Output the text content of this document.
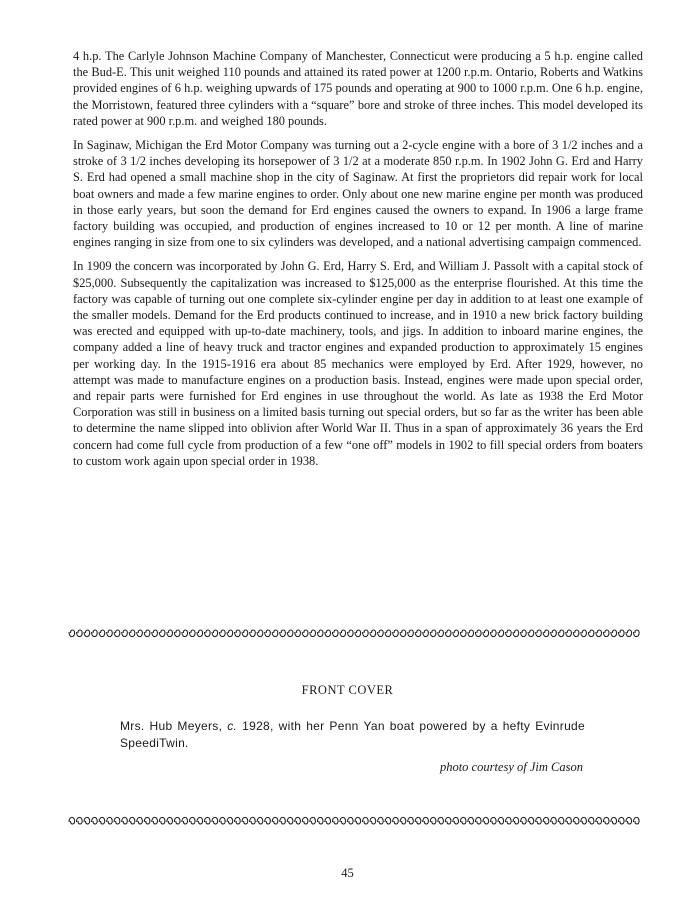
4 h.p. The Carlyle Johnson Machine Company of Manchester, Connecticut were producing a 5 h.p. engine called the Bud-E. This unit weighed 110 pounds and attained its rated power at 1200 r.p.m. Ontario, Roberts and Watkins provided engines of 6 h.p. weighing upwards of 175 pounds and operating at 900 to 1000 r.p.m. One 6 h.p. engine, the Morristown, featured three cylinders with a “square” bore and stroke of three inches. This model developed its rated power at 900 r.p.m. and weighed 180 pounds.

In Saginaw, Michigan the Erd Motor Company was turning out a 2-cycle engine with a bore of 3 1/2 inches and a stroke of 3 1/2 inches developing its horsepower of 3 1/2 at a moderate 850 r.p.m. In 1902 John G. Erd and Harry S. Erd had opened a small machine shop in the city of Saginaw. At first the proprietors did repair work for local boat owners and made a few marine engines to order. Only about one new marine engine per month was produced in those early years, but soon the demand for Erd engines caused the owners to expand. In 1906 a large frame factory building was occupied, and production of engines increased to 10 or 12 per month. A line of marine engines ranging in size from one to six cylinders was developed, and a national advertising campaign commenced.

In 1909 the concern was incorporated by John G. Erd, Harry S. Erd, and William J. Passolt with a capital stock of $25,000. Subsequently the capitalization was increased to $125,000 as the enterprise flourished. At this time the factory was capable of turning out one complete six-cylinder engine per day in addition to at least one example of the smaller models. Demand for the Erd products continued to increase, and in 1910 a new brick factory building was erected and equipped with up-to-date machinery, tools, and jigs. In addition to inboard marine engines, the company added a line of heavy truck and tractor engines and expanded production to approximately 15 engines per working day. In the 1915-1916 era about 85 mechanics were employed by Erd. After 1929, however, no attempt was made to manufacture engines on a production basis. Instead, engines were made upon special order, and repair parts were furnished for Erd engines in use throughout the world. As late as 1938 the Erd Motor Corporation was still in business on a limited basis turning out special orders, but so far as the writer has been able to determine the name slipped into oblivion after World War II. Thus in a span of approximately 36 years the Erd concern had come full cycle from production of a few “one off” models in 1902 to fill special orders from boaters to custom work again upon special order in 1938.

FRONT COVER
Mrs. Hub Meyers, c. 1928, with her Penn Yan boat powered by a hefty Evinrude SpeediTwin.
photo courtesy of Jim Cason
45
